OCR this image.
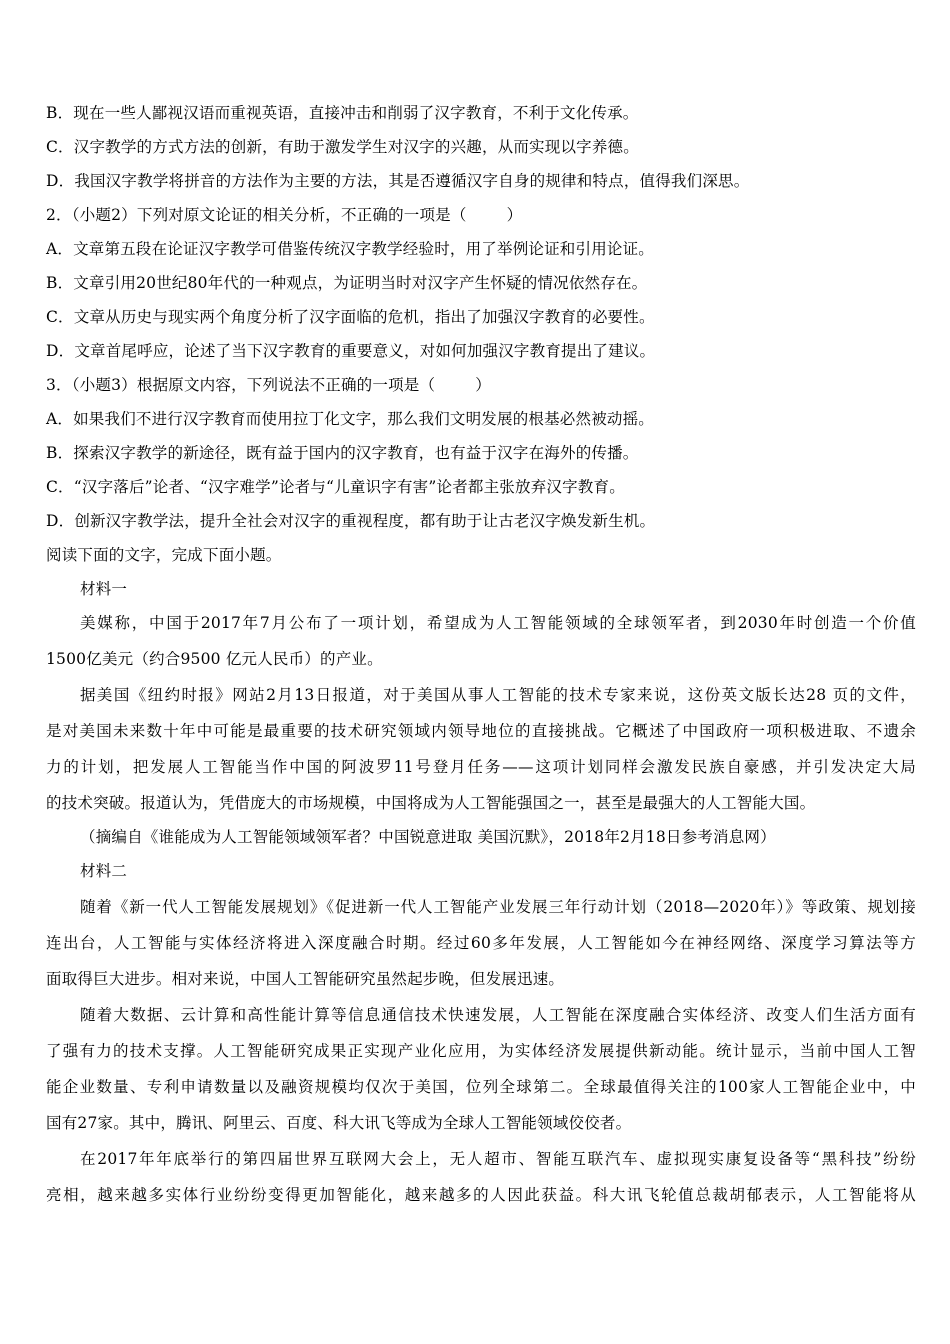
B．现在一些人鄙视汉语而重视英语，直接冲击和削弱了汉字教育，不利于文化传承。
C．汉字教学的方式方法的创新，有助于激发学生对汉字的兴趣，从而实现以字养德。
D．我国汉字教学将拼音的方法作为主要的方法，其是否遵循汉字自身的规律和特点，值得我们深思。
2．（小题2）下列对原文论证的相关分析，不正确的一项是（	）
A．文章第五段在论证汉字教学可借鉴传统汉字教学经验时，用了举例论证和引用论证。
B．文章引用20世纪80年代的一种观点，为证明当时对汉字产生怀疑的情况依然存在。
C．文章从历史与现实两个角度分析了汉字面临的危机，指出了加强汉字教育的必要性。
D．文章首尾呼应，论述了当下汉字教育的重要意义，对如何加强汉字教育提出了建议。
3．（小题3）根据原文内容，下列说法不正确的一项是（	）
A．如果我们不进行汉字教育而使用拉丁化文字，那么我们文明发展的根基必然被动摇。
B．探索汉字教学的新途径，既有益于国内的汉字教育，也有益于汉字在海外的传播。
C．“汉字落后”论者、“汉字难学”论者与“儿童识字有害”论者都主张放弃汉字教育。
D．创新汉字教学法，提升全社会对汉字的重视程度，都有助于让古老汉字焕发新生机。
阅读下面的文字，完成下面小题。
材料一
美媒称，中国于2017年7月公布了一项计划，希望成为人工智能领域的全球领军者，到2030年时创造一个价值
1500亿美元（约合9500 亿元人民币）的产业。
据美国《纽约时报》网站2月13日报道，对于美国从事人工智能的技术专家来说，这份英文版长达28 页的文件，
是对美国未来数十年中可能是最重要的技术研究领域内领导地位的直接挑战。它概述了中国政府一项积极进取、不遗余
力的计划，把发展人工智能当作中国的阿波罗11号登月任务——这项计划同样会激发民族自豪感，并引发决定大局
的技术突破。报道认为，凭借庞大的市场规模，中国将成为人工智能强国之一，甚至是最强大的人工智能大国。
（摘编自《谁能成为人工智能领域领军者？中国锐意进取 美国沉默》，2018年2月18日参考消息网）
材料二
随着《新一代人工智能发展规划》《促进新一代人工智能产业发展三年行动计划（2018—2020年）》等政策、规划接
连出台，人工智能与实体经济将进入深度融合时期。经过60多年发展，人工智能如今在神经网络、深度学习算法等方
面取得巨大进步。相对来说，中国人工智能研究虽然起步晚，但发展迅速。
随着大数据、云计算和高性能计算等信息通信技术快速发展，人工智能在深度融合实体经济、改变人们生活方面有
了强有力的技术支撑。人工智能研究成果正实现产业化应用，为实体经济发展提供新动能。统计显示，当前中国人工智
能企业数量、专利申请数量以及融资规模均仅次于美国，位列全球第二。全球最值得关注的100家人工智能企业中，中
国有27家。其中，腾讯、阿里云、百度、科大讯飞等成为全球人工智能领域佼佼者。
在2017年年底举行的第四届世界互联网大会上，无人超市、智能互联汽车、虚拟现实康复设备等“黑科技”纷纷
亮相，越来越多实体行业纷纷变得更加智能化，越来越多的人因此获益。科大讯飞轮值总裁胡郁表示，人工智能将从
